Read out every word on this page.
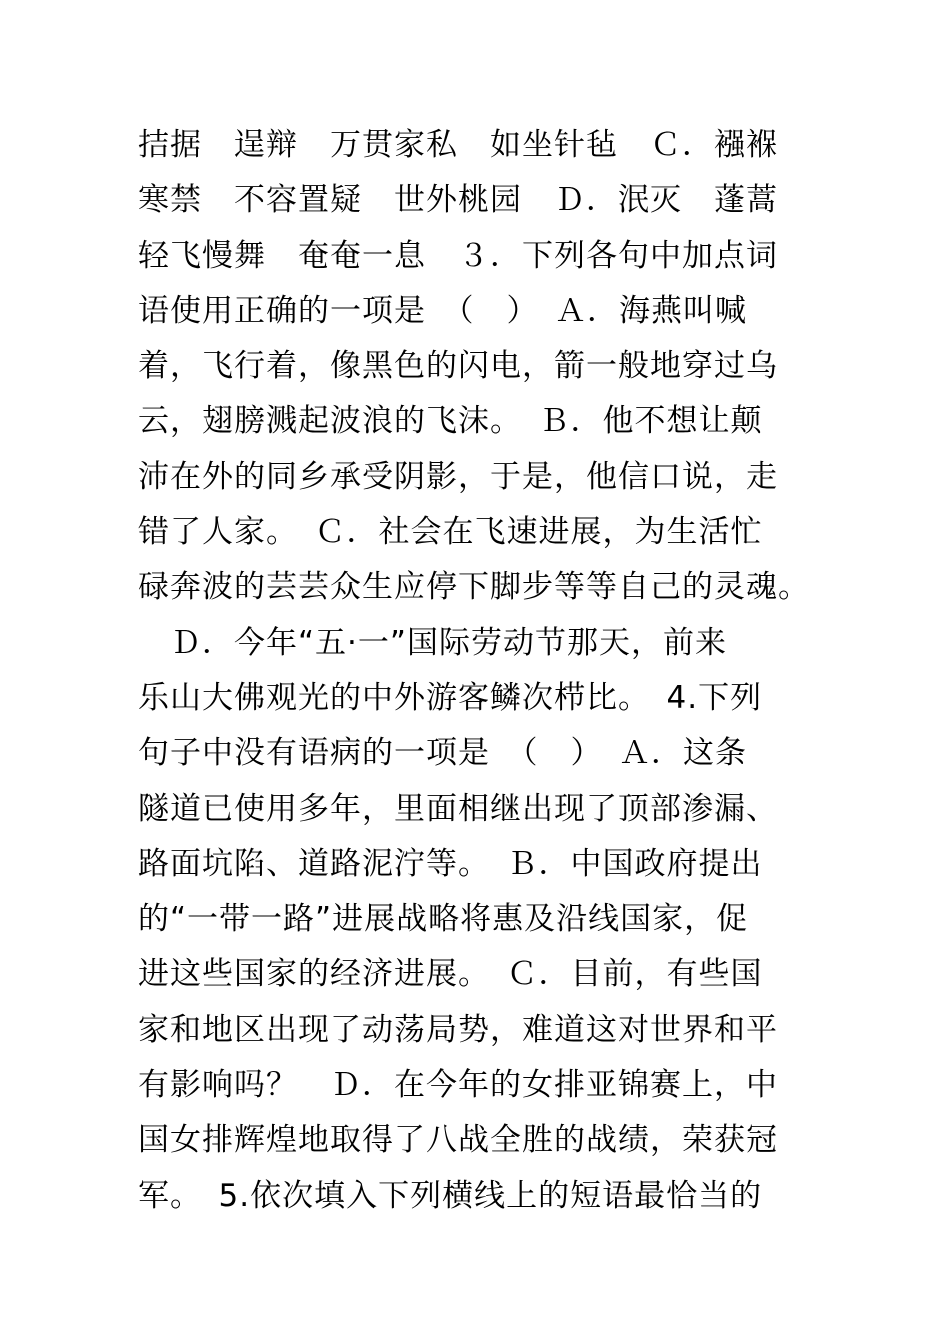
拮据　逞辩　万贯家私　如坐针毡　Ｃ．襁褓
寒禁　不容置疑　世外桃园　Ｄ．泯灭　蓬蒿
轻飞慢舞　奄奄一息　３．下列各句中加点词
语使用正确的一项是　（　）　Ａ．海燕叫喊
着，飞行着，像黑色的闪电，箭一般地穿过乌
云，翅膀溅起波浪的飞沫。　Ｂ．他不想让颠
沛在外的同乡承受阴影，于是，他信口说，走
错了人家。　Ｃ．社会在飞速进展，为生活忙
碌奔波的芸芸众生应停下脚步等等自己的灵魂。
　Ｄ．今年“五·一”国际劳动节那天，前来
乐山大佛观光的中外游客鳞次栉比。　4.下列
句子中没有语病的一项是　（　）　Ａ．这条
隧道已使用多年，里面相继出现了顶部渗漏、
路面坑陷、道路泥泞等。　Ｂ．中国政府提出
的“一带一路”进展战略将惠及沿线国家，促
进这些国家的经济进展。　Ｃ．目前，有些国
家和地区出现了动荡局势，难道这对世界和平
有影响吗？　Ｄ．在今年的女排亚锦赛上，中
国女排辉煌地取得了八战全胜的战绩，荣获冠
军。　5.依次填入下列横线上的短语最恰当的
